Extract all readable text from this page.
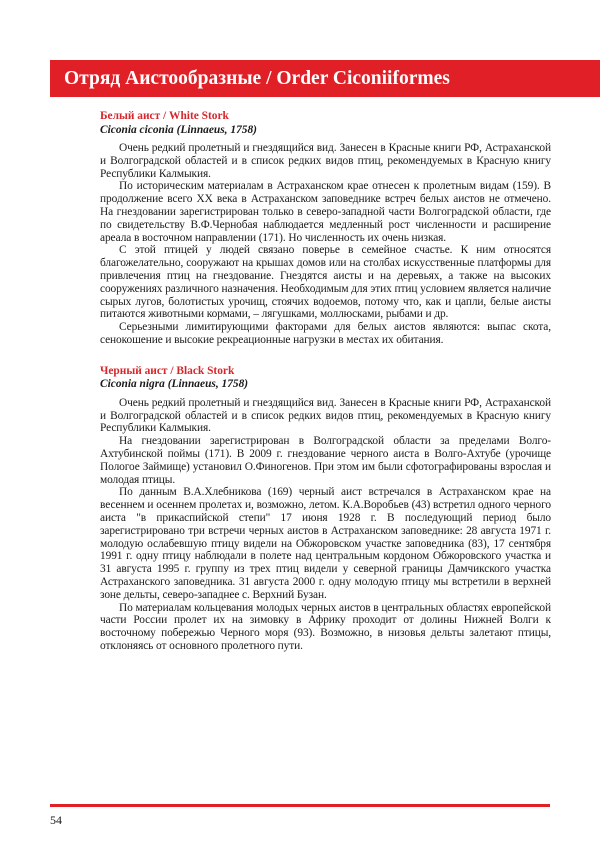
Отряд Аистообразные / Order Ciconiiformes

Белый аист / White Stork

Ciconia ciconia (Linnaeus, 1758)

Очень редкий пролетный и гнездящийся вид. Занесен в Красные книги РФ, Астраханской и Волгоградской областей и в список редких видов птиц, рекомендуемых в Красную книгу Республики Калмыкия.

По историческим материалам в Астраханском крае отнесен к пролетным видам (159). В продолжение всего XX века в Астраханском заповеднике встреч белых аистов не отмечено. На гнездовании зарегистрирован только в северо-западной части Волгоградской области, где по свидетельству В.Ф.Чернобая наблюдается медленный рост численности и расширение ареала в восточном направлении (171). Но численность их очень низкая.

С этой птицей у людей связано поверье в семейное счастье. К ним относятся благожелательно, сооружают на крышах домов или на столбах искусственные платформы для привлечения птиц на гнездование. Гнездятся аисты и на деревьях, а также на высоких сооружениях различного назначения. Необходимым для этих птиц условием является наличие сырых лугов, болотистых урочищ, стоячих водоемов, потому что, как и цапли, белые аисты питаются животными кормами, – лягушками, моллюсками, рыбами и др.

Серьезными лимитирующими факторами для белых аистов являются: выпас скота, сенокошение и высокие рекреационные нагрузки в местах их обитания.

Черный аист / Black Stork

Ciconia nigra (Linnaeus, 1758)

Очень редкий пролетный и гнездящийся вид. Занесен в Красные книги РФ, Астраханской и Волгоградской областей и в список редких видов птиц, рекомендуемых в Красную книгу Республики Калмыкия.

На гнездовании зарегистрирован в Волгоградской области за пределами Волго-Ахтубинской поймы (171). В 2009 г. гнездование черного аиста в Волго-Ахтубе (урочище Пологое Займище) установил О.Финогенов. При этом им были сфотографированы взрослая и молодая птицы.

По данным В.А.Хлебникова (169) черный аист встречался в Астраханском крае на весеннем и осеннем пролетах и, возможно, летом. К.А.Воробьев (43) встретил одного черного аиста "в прикаспийской степи" 17 июня 1928 г. В последующий период было зарегистрировано три встречи черных аистов в Астраханском заповеднике: 28 августа 1971 г. молодую ослабевшую птицу видели на Обжоровском участке заповедника (83), 17 сентября 1991 г. одну птицу наблюдали в полете над центральным кордоном Обжоровского участка и 31 августа 1995 г. группу из трех птиц видели у северной границы Дамчикского участка Астраханского заповедника. 31 августа 2000 г. одну молодую птицу мы встретили в верхней зоне дельты, северо-западнее с. Верхний Бузан.

По материалам кольцевания молодых черных аистов в центральных областях европейской части России пролет их на зимовку в Африку проходит от долины Нижней Волги к восточному побережью Черного моря (93). Возможно, в низовья дельты залетают птицы, отклоняясь от основного пролетного пути.

54
